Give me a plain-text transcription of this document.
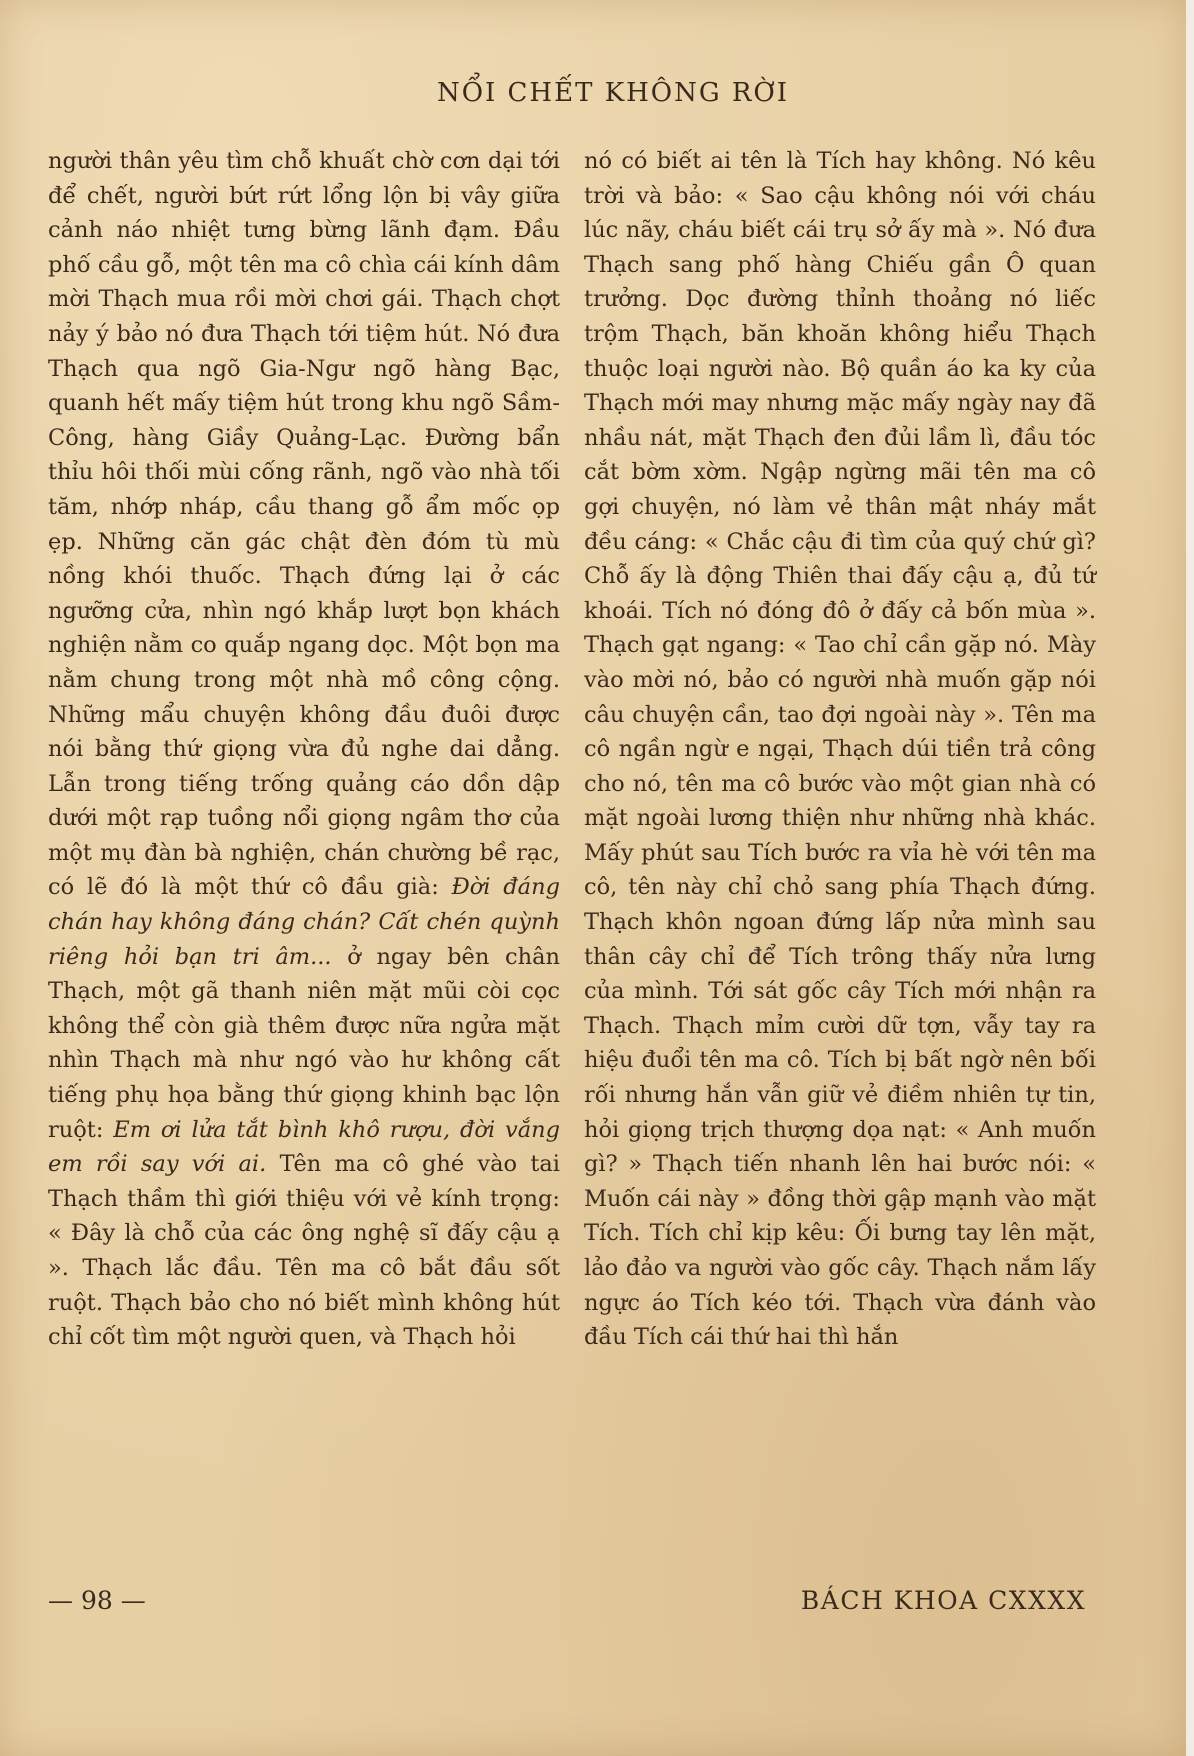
NỔI CHẾT KHÔNG RỜI

người thân yêu tìm chỗ khuất chờ cơn dại tới để chết, người bứt rứt lổng lộn bị vây giữa cảnh náo nhiệt tưng bừng lãnh đạm. Đầu phố cầu gỗ, một tên ma cô chìa cái kính dâm mời Thạch mua rồi mời chơi gái. Thạch chợt nảy ý bảo nó đưa Thạch tới tiệm hút. Nó đưa Thạch qua ngõ Gia-Ngư ngõ hàng Bạc, quanh hết mấy tiệm hút trong khu ngõ Sầm-Công, hàng Giầy Quảng-Lạc. Đường bẩn thỉu hôi thối mùi cống rãnh, ngõ vào nhà tối tăm, nhớp nháp, cầu thang gỗ ẩm mốc ọp ẹp. Những căn gác chật đèn đóm tù mù nồng khói thuốc. Thạch đứng lại ở các ngưỡng cửa, nhìn ngó khắp lượt bọn khách nghiện nằm co quắp ngang dọc. Một bọn ma nằm chung trong một nhà mồ công cộng. Những mẩu chuyện không đầu đuôi được nói bằng thứ giọng vừa đủ nghe dai dẳng. Lẫn trong tiếng trống quảng cáo dồn dập dưới một rạp tuồng nổi giọng ngâm thơ của một mụ đàn bà nghiện, chán chường bề rạc, có lẽ đó là một thứ cô đầu già: Đời đáng chán hay không đáng chán? Cất chén quỳnh riêng hỏi bạn tri âm... ở ngay bên chân Thạch, một gã thanh niên mặt mũi còi cọc không thể còn già thêm được nữa ngửa mặt nhìn Thạch mà như ngó vào hư không cất tiếng phụ họa bằng thứ giọng khinh bạc lộn ruột: Em ơi lửa tắt bình khô rượu, đời vắng em rồi say với ai. Tên ma cô ghé vào tai Thạch thầm thì giới thiệu với vẻ kính trọng: « Đây là chỗ của các ông nghệ sĩ đấy cậu ạ ». Thạch lắc đầu. Tên ma cô bắt đầu sốt ruột. Thạch bảo cho nó biết mình không hút chỉ cốt tìm một người quen, và Thạch hỏi

nó có biết ai tên là Tích hay không. Nó kêu trời và bảo: « Sao cậu không nói với cháu lúc nãy, cháu biết cái trụ sở ấy mà ». Nó đưa Thạch sang phố hàng Chiếu gần Ô quan trưởng. Dọc đường thỉnh thoảng nó liếc trộm Thạch, băn khoăn không hiểu Thạch thuộc loại người nào. Bộ quần áo ka ky của Thạch mới may nhưng mặc mấy ngày nay đã nhầu nát, mặt Thạch đen đủi lầm lì, đầu tóc cắt bờm xờm. Ngập ngừng mãi tên ma cô gợi chuyện, nó làm vẻ thân mật nháy mắt đều cáng: « Chắc cậu đi tìm của quý chứ gì? Chỗ ấy là động Thiên thai đấy cậu ạ, đủ tứ khoái. Tích nó đóng đô ở đấy cả bốn mùa ». Thạch gạt ngang: « Tao chỉ cần gặp nó. Mày vào mời nó, bảo có người nhà muốn gặp nói câu chuyện cần, tao đợi ngoài này ». Tên ma cô ngần ngừ e ngại, Thạch dúi tiền trả công cho nó, tên ma cô bước vào một gian nhà có mặt ngoài lương thiện như những nhà khác. Mấy phút sau Tích bước ra vỉa hè với tên ma cô, tên này chỉ chỏ sang phía Thạch đứng. Thạch khôn ngoan đứng lấp nửa mình sau thân cây chỉ để Tích trông thấy nửa lưng của mình. Tới sát gốc cây Tích mới nhận ra Thạch. Thạch mỉm cười dữ tợn, vẫy tay ra hiệu đuổi tên ma cô. Tích bị bất ngờ nên bối rối nhưng hắn vẫn giữ vẻ điềm nhiên tự tin, hỏi giọng trịch thượng dọa nạt: « Anh muốn gì? » Thạch tiến nhanh lên hai bước nói: « Muốn cái này » đồng thời gập mạnh vào mặt Tích. Tích chỉ kịp kêu: Ối bưng tay lên mặt, lảo đảo va người vào gốc cây. Thạch nắm lấy ngực áo Tích kéo tới. Thạch vừa đánh vào đầu Tích cái thứ hai thì hắn

— 98 —	BÁCH KHOA CXXXX
